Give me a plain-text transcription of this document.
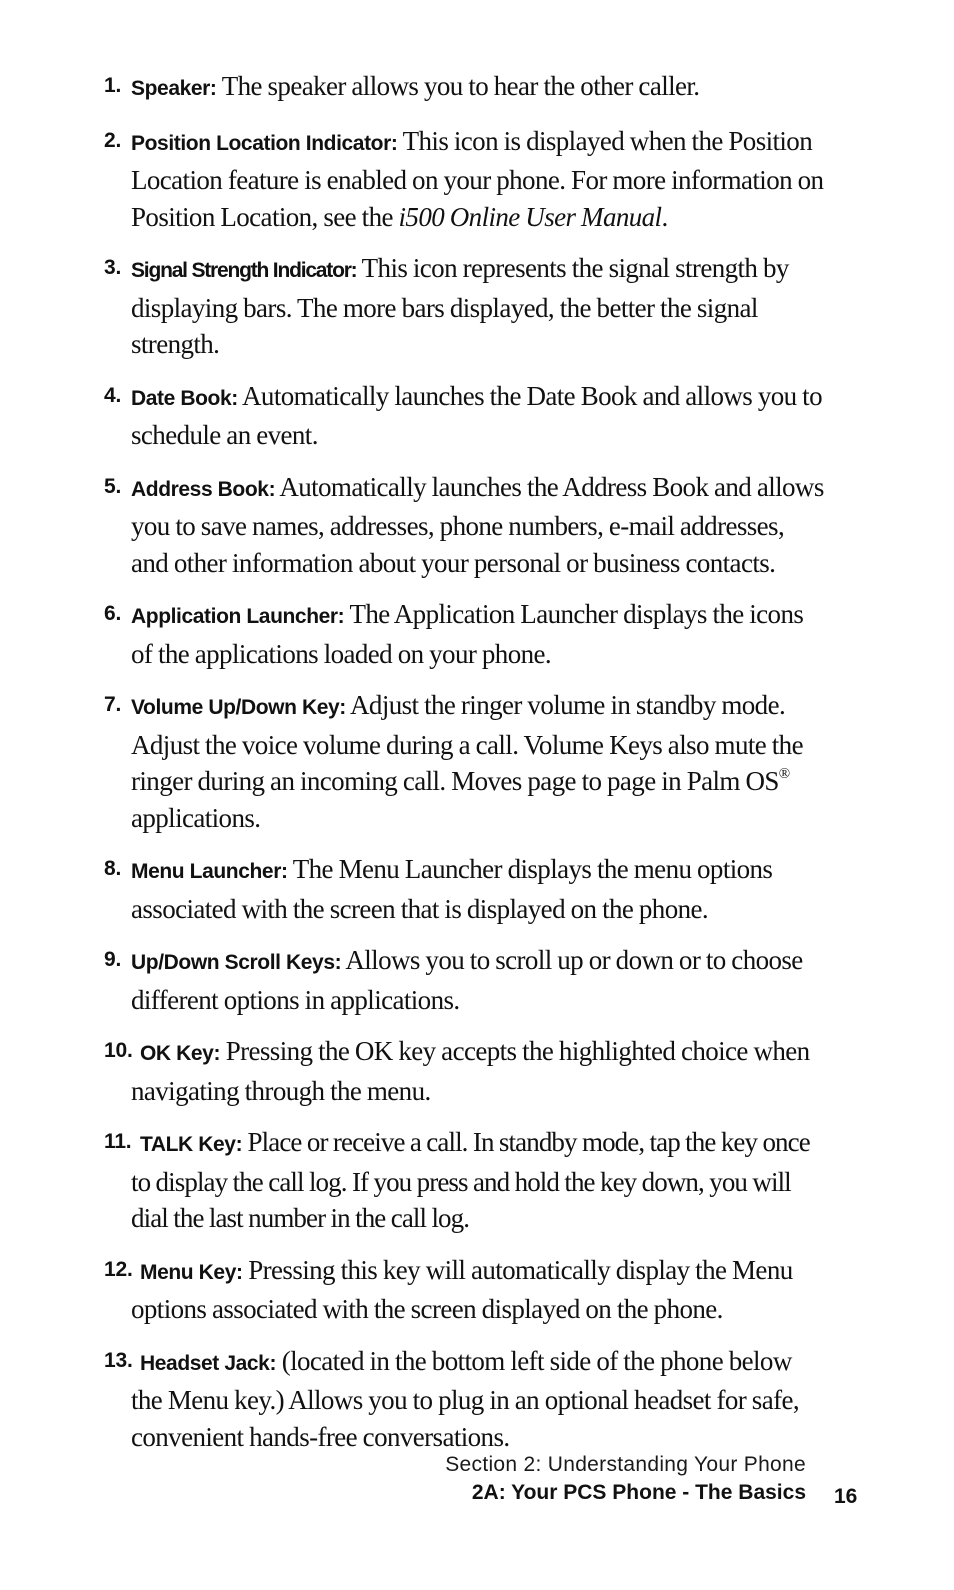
1. Speaker: The speaker allows you to hear the other caller.
2. Position Location Indicator: This icon is displayed when the Position Location feature is enabled on your phone. For more information on Position Location, see the i500 Online User Manual.
3. Signal Strength Indicator: This icon represents the signal strength by displaying bars. The more bars displayed, the better the signal strength.
4. Date Book: Automatically launches the Date Book and allows you to schedule an event.
5. Address Book: Automatically launches the Address Book and allows you to save names, addresses, phone numbers, e-mail addresses, and other information about your personal or business contacts.
6. Application Launcher: The Application Launcher displays the icons of the applications loaded on your phone.
7. Volume Up/Down Key: Adjust the ringer volume in standby mode. Adjust the voice volume during a call. Volume Keys also mute the ringer during an incoming call. Moves page to page in Palm OS® applications.
8. Menu Launcher: The Menu Launcher displays the menu options associated with the screen that is displayed on the phone.
9. Up/Down Scroll Keys: Allows you to scroll up or down or to choose different options in applications.
10. OK Key: Pressing the OK key accepts the highlighted choice when navigating through the menu.
11. TALK Key: Place or receive a call. In standby mode, tap the key once to display the call log. If you press and hold the key down, you will dial the last number in the call log.
12. Menu Key: Pressing this key will automatically display the Menu options associated with the screen displayed on the phone.
13. Headset Jack: (located in the bottom left side of the phone below the Menu key.) Allows you to plug in an optional headset for safe, convenient hands-free conversations.
Section 2: Understanding Your Phone
2A: Your PCS Phone - The Basics 16
